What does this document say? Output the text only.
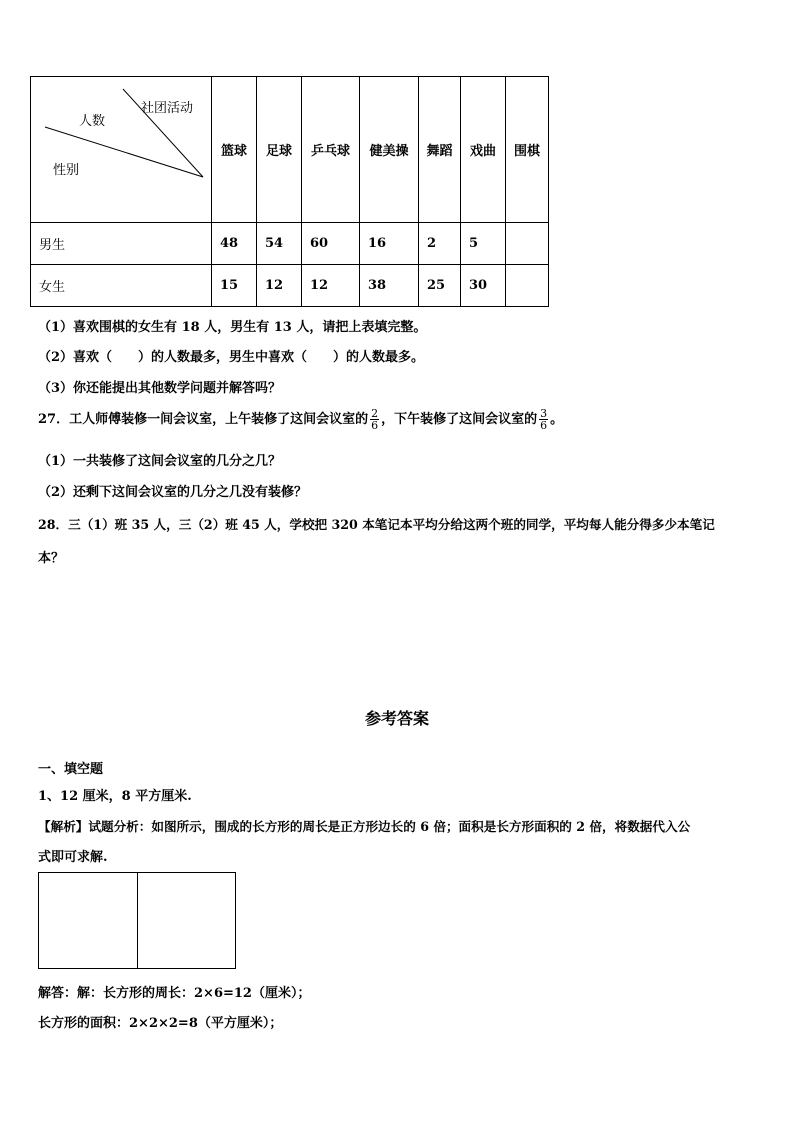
社团活动
人数
性别	篮球	足球	乒乓球	健美操	舞蹈	戏曲	围棋
男生	48	54	60	16	2	5	
女生	15	12	12	38	25	30	
（1）喜欢围棋的女生有 18 人，男生有 13 人，请把上表填完整。
（2）喜欢（　　）的人数最多，男生中喜欢（　　）的人数最多。
（3）你还能提出其他数学问题并解答吗？
27．工人师傅装修一间会议室，上午装修了这间会议室的 $\frac{2}{6}$ ，下午装修了这间会议室的 $\frac{3}{6}$ 。
（1）一共装修了这间会议室的几分之几？
（2）还剩下这间会议室的几分之几没有装修？
28．三（1）班 35 人，三（2）班 45 人，学校把 320 本笔记本平均分给这两个班的同学，平均每人能分得多少本笔记
本？
参考答案
一、填空题
1、12 厘米，8 平方厘米.
【解析】试题分析：如图所示，围成的长方形的周长是正方形边长的 6 倍；面积是长方形面积的 2 倍，将数据代入公
式即可求解.
解答：解：长方形的周长：2×6=12（厘米）；
长方形的面积：2×2×2=8（平方厘米）；
